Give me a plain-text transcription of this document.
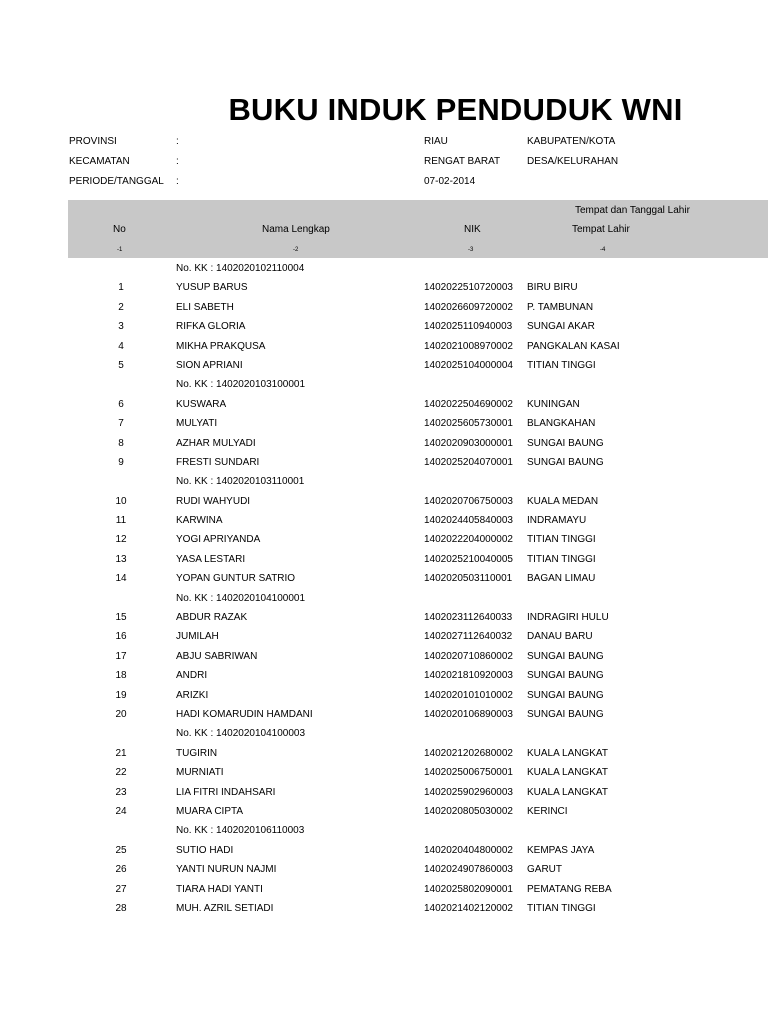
BUKU INDUK PENDUDUK WNI
PROVINSI	:	RIAU	KABUPATEN/KOTA
KECAMATAN	:	RENGAT BARAT	DESA/KELURAHAN
PERIODE/TANGGAL :	07-02-2014
Tempat dan Tanggal Lahir
No	Nama Lengkap	NIK	Tempat Lahir
-1	-2	-3	-4
No. KK : 1402020102110004
1	YUSUP BARUS	1402022510720003 BIRU BIRU
2	ELI SABETH	1402026609720002 P. TAMBUNAN
3	RIFKA GLORIA	1402025110940003 SUNGAI AKAR
4	MIKHA PRAKQUSA	1402021008970002 PANGKALAN KASAI
5	SION APRIANI	1402025104000004 TITIAN TINGGI
No. KK : 1402020103100001
6	KUSWARA	1402022504690002 KUNINGAN
7	MULYATI	1402025605730001 BLANGKAHAN
8	AZHAR MULYADI	1402020903000001 SUNGAI BAUNG
9	FRESTI SUNDARI	1402025204070001 SUNGAI BAUNG
No. KK : 1402020103110001
10	RUDI WAHYUDI	1402020706750003 KUALA MEDAN
11	KARWINA	1402024405840003 INDRAMAYU
12	YOGI APRIYANDA	1402022204000002 TITIAN TINGGI
13	YASA LESTARI	1402025210040005 TITIAN TINGGI
14	YOPAN GUNTUR SATRIO	1402020503110001 BAGAN LIMAU
No. KK : 1402020104100001
15	ABDUR RAZAK	1402023112640033 INDRAGIRI HULU
16	JUMILAH	1402027112640032 DANAU BARU
17	ABJU SABRIWAN	1402020710860002 SUNGAI BAUNG
18	ANDRI	1402021810920003 SUNGAI BAUNG
19	ARIZKI	1402020101010002 SUNGAI BAUNG
20	HADI KOMARUDIN HAMDANI	1402020106890003 SUNGAI BAUNG
No. KK : 1402020104100003
21	TUGIRIN	1402021202680002 KUALA LANGKAT
22	MURNIATI	1402025006750001 KUALA LANGKAT
23	LIA FITRI INDAHSARI	1402025902960003 KUALA LANGKAT
24	MUARA CIPTA	1402020805030002 KERINCI
No. KK : 1402020106110003
25	SUTIO HADI	1402020404800002 KEMPAS JAYA
26	YANTI NURUN NAJMI	1402024907860003 GARUT
27	TIARA HADI YANTI	1402025802090001 PEMATANG REBA
28	MUH. AZRIL SETIADI	1402021402120002 TITIAN TINGGI
